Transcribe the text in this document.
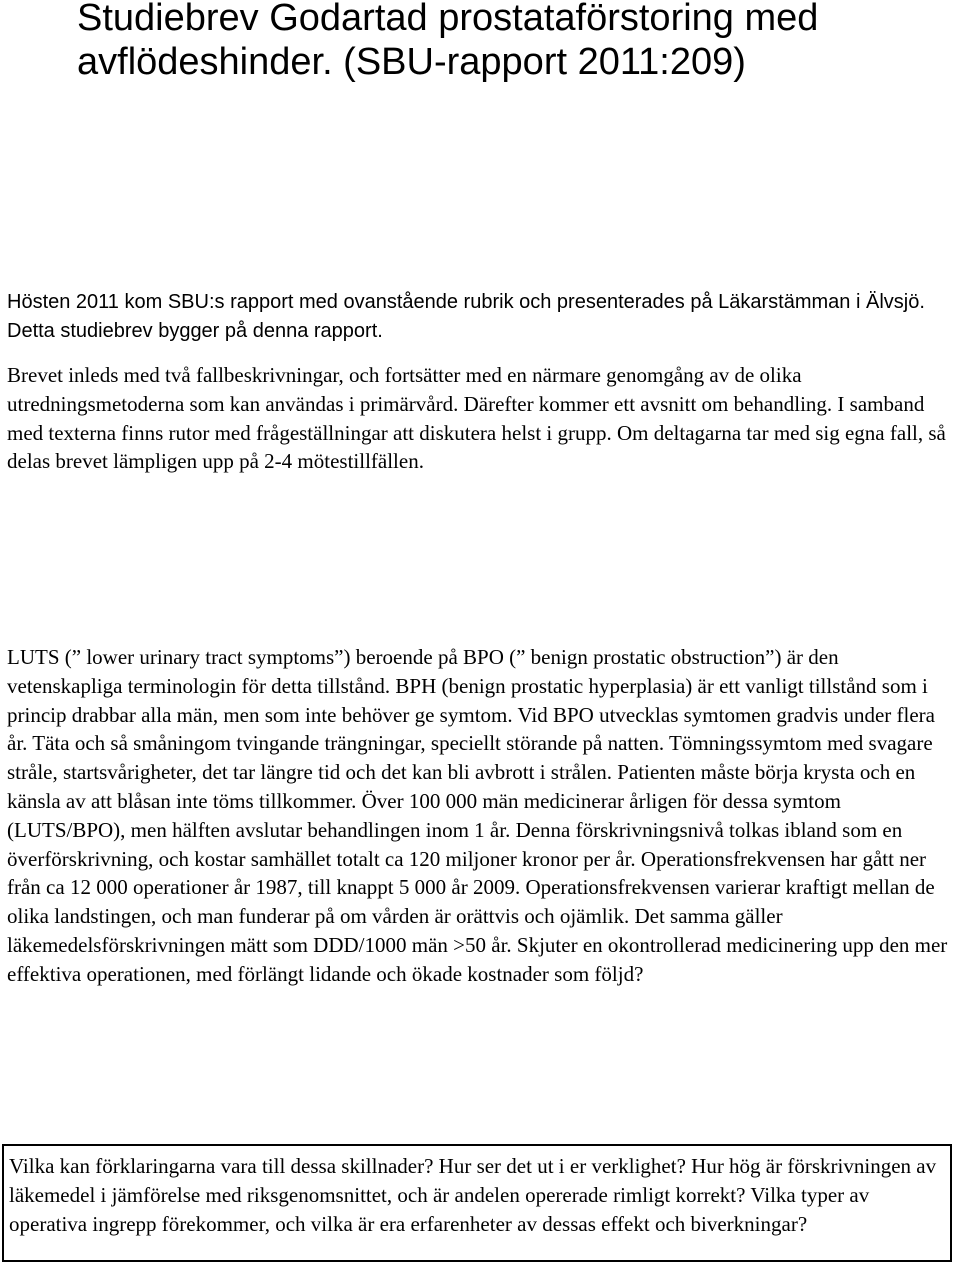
Studiebrev Godartad prostataförstoring med avflödeshinder. (SBU-rapport 2011:209)

Hösten 2011 kom SBU:s rapport med ovanstående rubrik och presenterades på Läkarstämman i Älvsjö. Detta studiebrev bygger på denna rapport.

Brevet inleds med två fallbeskrivningar, och fortsätter med en närmare genomgång av de olika utredningsmetoderna som kan användas i primärvård. Därefter kommer ett avsnitt om behandling. I samband med texterna finns rutor med frågeställningar att diskutera helst i grupp. Om deltagarna tar med sig egna fall, så delas brevet lämpligen upp på 2-4 mötestillfällen.

LUTS (” lower urinary tract symptoms”) beroende på BPO (” benign prostatic obstruction”) är den vetenskapliga terminologin för detta tillstånd. BPH (benign prostatic hyperplasia) är ett vanligt tillstånd som i princip drabbar alla män, men som inte behöver ge symtom. Vid BPO utvecklas symtomen gradvis under flera år. Täta och så småningom tvingande trängningar, speciellt störande på natten. Tömningssymtom med svagare stråle, startsvårigheter, det tar längre tid och det kan bli avbrott i strålen. Patienten måste börja krysta och en känsla av att blåsan inte töms tillkommer. Över 100 000 män medicinerar årligen för dessa symtom (LUTS/BPO), men hälften avslutar behandlingen inom 1 år. Denna förskrivningsnivå tolkas ibland som en överförskrivning, och kostar samhället totalt ca 120 miljoner kronor per år. Operationsfrekvensen har gått ner från ca 12 000 operationer år 1987, till knappt 5 000 år 2009. Operationsfrekvensen varierar kraftigt mellan de olika landstingen, och man funderar på om vården är orättvis och ojämlik. Det samma gäller läkemedelsförskrivningen mätt som DDD/1000 män >50 år. Skjuter en okontrollerad medicinering upp den mer effektiva operationen, med förlängt lidande och ökade kostnader som följd?

Vilka kan förklaringarna vara till dessa skillnader? Hur ser det ut i er verklighet? Hur hög är förskrivningen av läkemedel i jämförelse med riksgenomsnittet, och är andelen opererade rimligt korrekt? Vilka typer av operativa ingrepp förekommer, och vilka är era erfarenheter av dessas effekt och biverkningar?
